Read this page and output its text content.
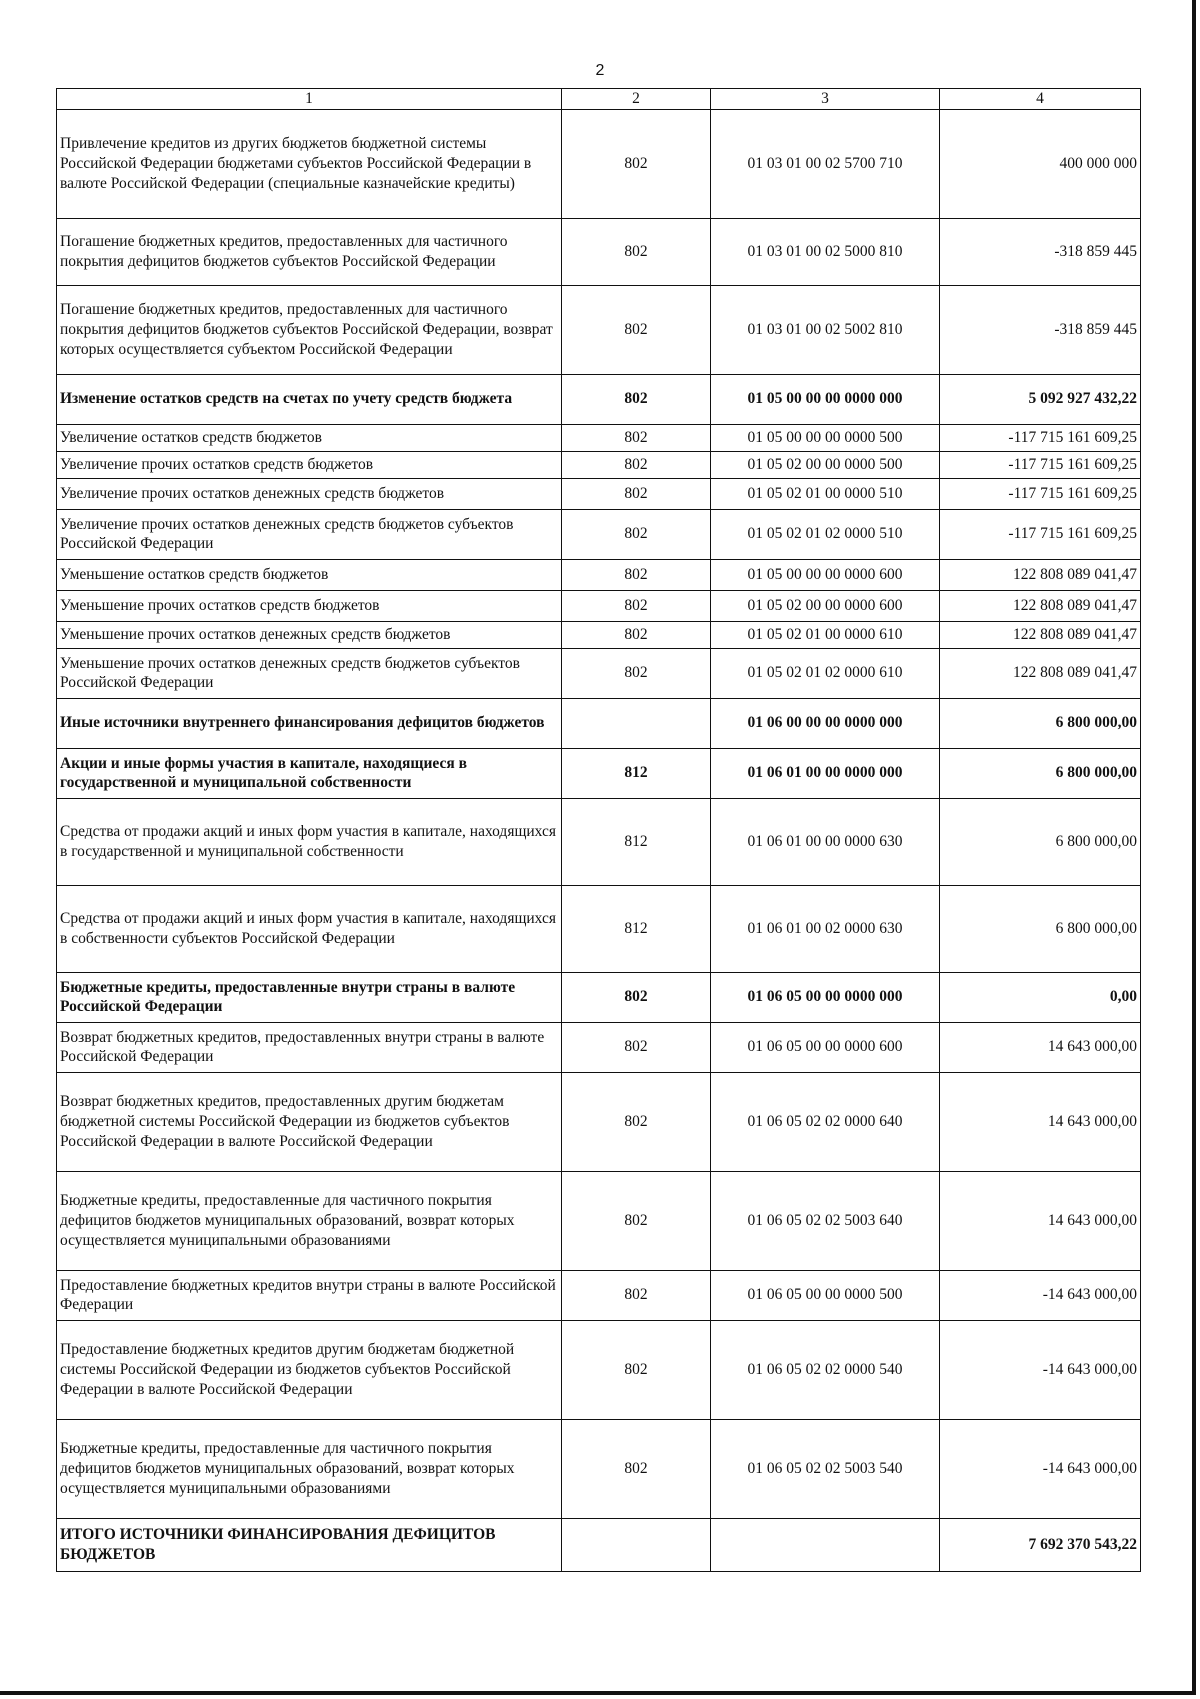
2
1	2	3	4
Привлечение кредитов из других бюджетов бюджетной системы Российской Федерации бюджетами субъектов Российской Федерации в валюте Российской Федерации (специальные казначейские кредиты)	802	01 03 01 00 02 5700 710	400 000 000
Погашение бюджетных кредитов, предоставленных для частичного покрытия дефицитов бюджетов субъектов Российской Федерации	802	01 03 01 00 02 5000 810	-318 859 445
Погашение бюджетных кредитов, предоставленных для частичного покрытия дефицитов бюджетов субъектов Российской Федерации, возврат которых осуществляется субъектом Российской Федерации	802	01 03 01 00 02 5002 810	-318 859 445
Изменение остатков средств на счетах по учету средств бюджета	802	01 05 00 00 00 0000 000	5 092 927 432,22
Увеличение остатков средств бюджетов	802	01 05 00 00 00 0000 500	-117 715 161 609,25
Увеличение прочих остатков средств бюджетов	802	01 05 02 00 00 0000 500	-117 715 161 609,25
Увеличение прочих остатков денежных средств бюджетов	802	01 05 02 01 00 0000 510	-117 715 161 609,25
Увеличение прочих остатков денежных средств бюджетов субъектов Российской Федерации	802	01 05 02 01 02 0000 510	-117 715 161 609,25
Уменьшение остатков средств бюджетов	802	01 05 00 00 00 0000 600	122 808 089 041,47
Уменьшение прочих остатков средств бюджетов	802	01 05 02 00 00 0000 600	122 808 089 041,47
Уменьшение прочих остатков денежных средств бюджетов	802	01 05 02 01 00 0000 610	122 808 089 041,47
Уменьшение прочих остатков денежных средств бюджетов субъектов Российской Федерации	802	01 05 02 01 02 0000 610	122 808 089 041,47
Иные источники внутреннего финансирования дефицитов бюджетов		01 06 00 00 00 0000 000	6 800 000,00
Акции и иные формы участия в капитале, находящиеся в государственной и муниципальной собственности	812	01 06 01 00 00 0000 000	6 800 000,00
Средства от продажи акций и иных форм участия в капитале, находящихся в государственной и муниципальной собственности	812	01 06 01 00 00 0000 630	6 800 000,00
Средства от продажи акций и иных форм участия в капитале, находящихся в собственности субъектов Российской Федерации	812	01 06 01 00 02 0000 630	6 800 000,00
Бюджетные кредиты, предоставленные внутри страны в валюте Российской Федерации	802	01 06 05 00 00 0000 000	0,00
Возврат бюджетных кредитов, предоставленных внутри страны в валюте Российской Федерации	802	01 06 05 00 00 0000 600	14 643 000,00
Возврат бюджетных кредитов, предоставленных другим бюджетам бюджетной системы Российской Федерации из бюджетов субъектов Российской Федерации в валюте Российской Федерации	802	01 06 05 02 02 0000 640	14 643 000,00
Бюджетные кредиты, предоставленные для частичного покрытия дефицитов бюджетов муниципальных образований, возврат которых осуществляется муниципальными образованиями	802	01 06 05 02 02 5003 640	14 643 000,00
Предоставление бюджетных кредитов внутри страны в валюте Российской Федерации	802	01 06 05 00 00 0000 500	-14 643 000,00
Предоставление бюджетных кредитов другим бюджетам бюджетной системы Российской Федерации из бюджетов субъектов Российской Федерации в валюте Российской Федерации	802	01 06 05 02 02 0000 540	-14 643 000,00
Бюджетные кредиты, предоставленные для частичного покрытия дефицитов бюджетов муниципальных образований, возврат которых осуществляется муниципальными образованиями	802	01 06 05 02 02 5003 540	-14 643 000,00
ИТОГО ИСТОЧНИКИ ФИНАНСИРОВАНИЯ ДЕФИЦИТОВ БЮДЖЕТОВ			7 692 370 543,22
